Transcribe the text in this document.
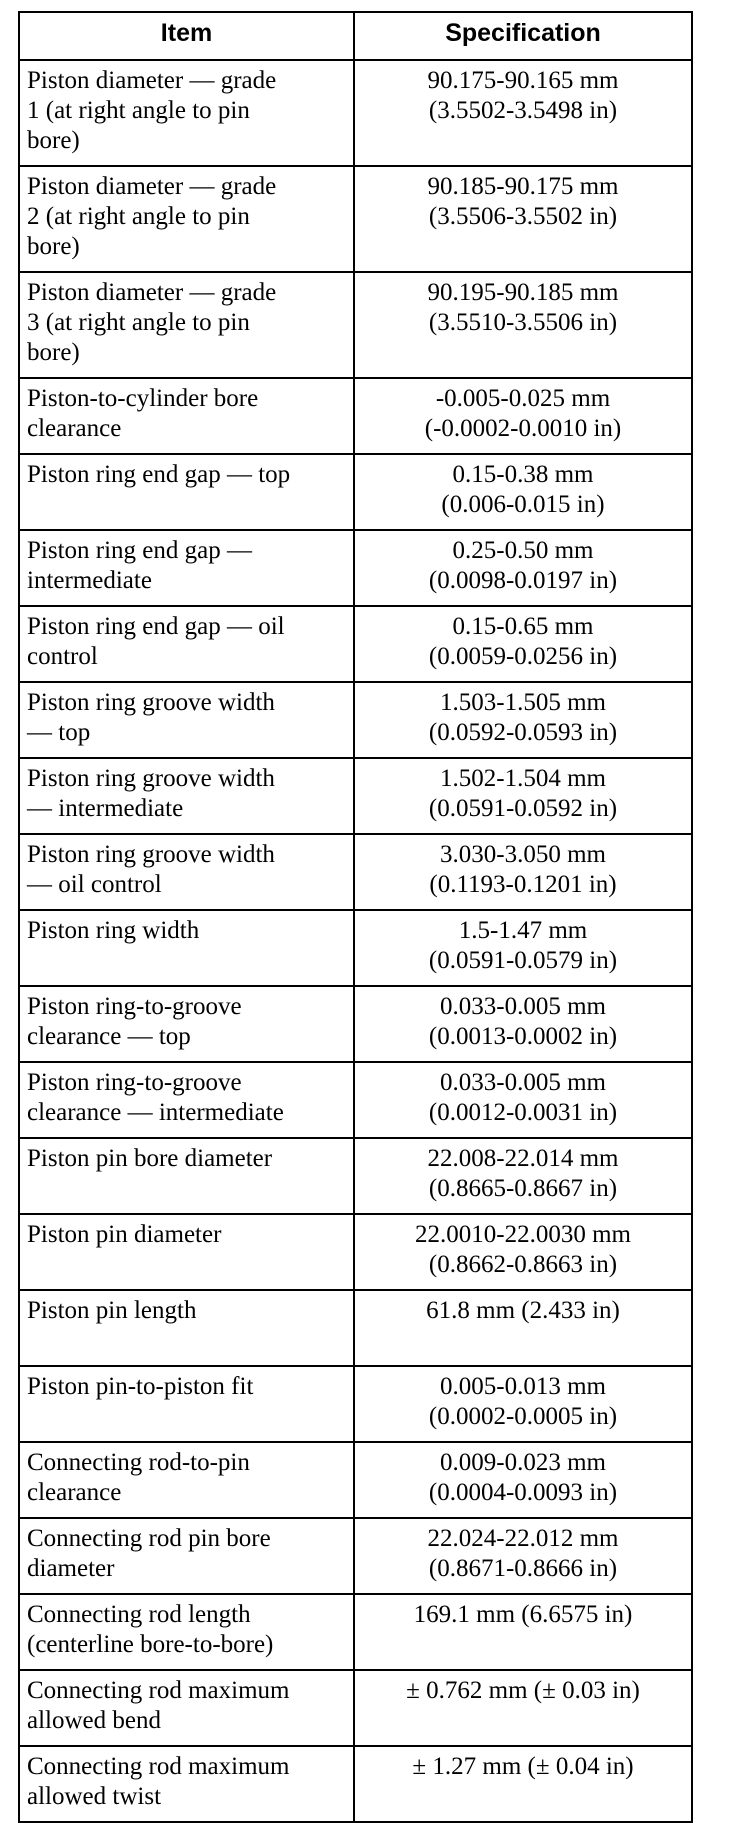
Item	Specification
Piston diameter — grade
1 (at right angle to pin
bore)	90.175-90.165 mm
(3.5502-3.5498 in)
Piston diameter — grade
2 (at right angle to pin
bore)	90.185-90.175 mm
(3.5506-3.5502 in)
Piston diameter — grade
3 (at right angle to pin
bore)	90.195-90.185 mm
(3.5510-3.5506 in)
Piston-to-cylinder bore
clearance	-0.005-0.025 mm
(-0.0002-0.0010 in)
Piston ring end gap — top	0.15-0.38 mm
(0.006-0.015 in)
Piston ring end gap —
intermediate	0.25-0.50 mm
(0.0098-0.0197 in)
Piston ring end gap — oil
control	0.15-0.65 mm
(0.0059-0.0256 in)
Piston ring groove width
— top	1.503-1.505 mm
(0.0592-0.0593 in)
Piston ring groove width
— intermediate	1.502-1.504 mm
(0.0591-0.0592 in)
Piston ring groove width
— oil control	3.030-3.050 mm
(0.1193-0.1201 in)
Piston ring width	1.5-1.47 mm
(0.0591-0.0579 in)
Piston ring-to-groove
clearance — top	0.033-0.005 mm
(0.0013-0.0002 in)
Piston ring-to-groove
clearance — intermediate	0.033-0.005 mm
(0.0012-0.0031 in)
Piston pin bore diameter	22.008-22.014 mm
(0.8665-0.8667 in)
Piston pin diameter	22.0010-22.0030 mm
(0.8662-0.8663 in)
Piston pin length	61.8 mm (2.433 in)
Piston pin-to-piston fit	0.005-0.013 mm
(0.0002-0.0005 in)
Connecting rod-to-pin
clearance	0.009-0.023 mm
(0.0004-0.0093 in)
Connecting rod pin bore
diameter	22.024-22.012 mm
(0.8671-0.8666 in)
Connecting rod length
(centerline bore-to-bore)	169.1 mm (6.6575 in)
Connecting rod maximum
allowed bend	± 0.762 mm (± 0.03 in)
Connecting rod maximum
allowed twist	± 1.27 mm (± 0.04 in)
